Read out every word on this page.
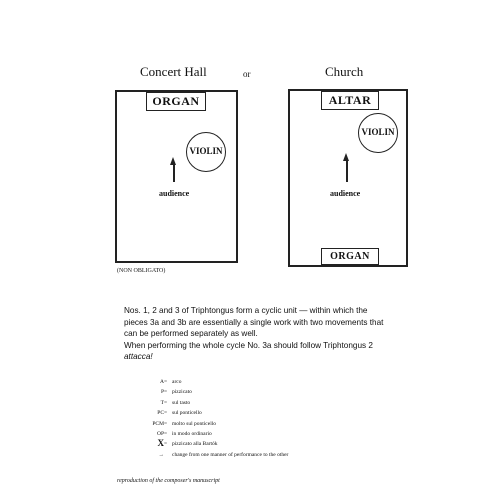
Concert Hall	or	Church
ORGAN
VIOLIN
audience
(NON OBLIGATO)
ALTAR
VIOLIN
audience
ORGAN

Nos. 1, 2 and 3 of Triphtongus form a cyclic unit — within which the

pieces 3a and 3b are essentially a single work with two movements that

can be performed separately as well.

When performing the whole cycle No. 3a should follow Triphtongus 2

attacca!

A = arco
P = pizzicato
T = sul tasto
PC = sul ponticello
PCM = molto sul ponticello
OP = in modo ordinario
X = pizzicato alla Bartók
→ change from one manner of performance to the other
reproduction of the composer's manuscript
